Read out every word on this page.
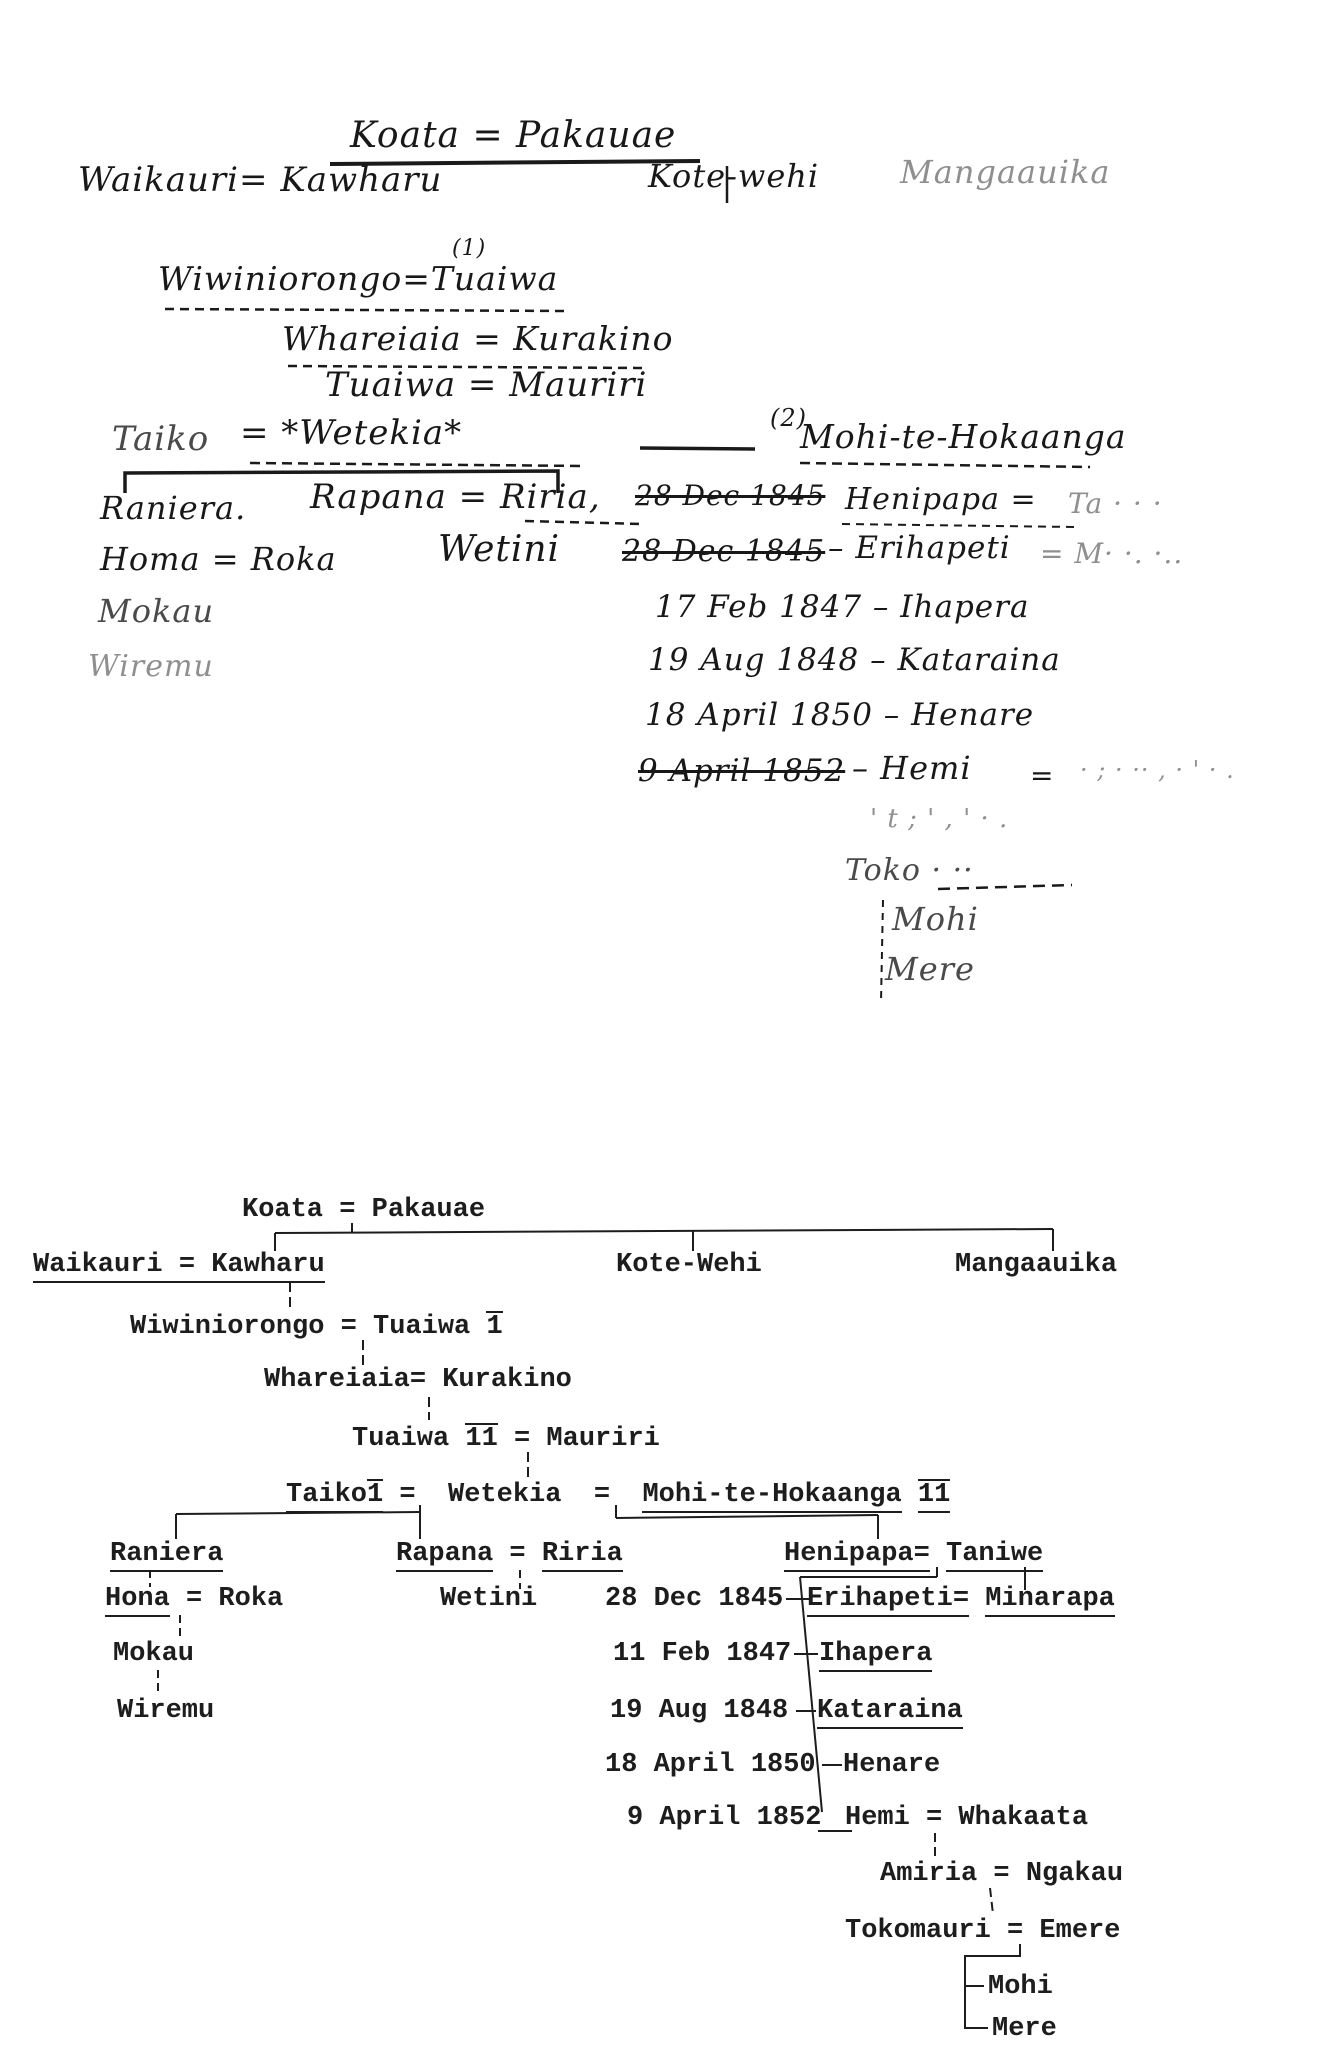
Koata = Pakauae
Waikauri= Kawharu	Kote-wehi	Mangaauika
Wiwiniorongo=Tuaiwa
(1)
Whareiaia = Kurakino
Tuaiwa = Mauriri
Taiko = *Wetekia*	(2)
Mohi-te-Hokaanga
Raniera. Rapana = Riria, 28 Dec 1845 Henipapa = Ta · · ·
Homa = Roka	Wetini 28 Dec 1845 – Erihapeti = M· ·. ·..
Mokau
Wiremu
17 Feb 1847 – Ihapera
19 Aug 1848 – Kataraina
18 April 1850 – Henare
9 April 1852 – Hemi = · ; · ·· , · ' · .
' t ; ' , ' · .
Toko · ··
Mohi
Mere
Koata = Pakauae
Waikauri = Kawharu	Kote-Wehi	Mangaauika
Wiwiniorongo = Tuaiwa 1
Whareiaia= Kurakino
Tuaiwa 11 = Mauriri
Taiko1 = Wetekia = Mohi-te-Hokaanga 11
Raniera	Rapana = Riria	Henipapa= Taniwe
Hona = Roka	Wetini	28 Dec 1845 Erihapeti= Minarapa
Mokau	11 Feb 1847 Ihapera
Wiremu	19 Aug 1848 Kataraina
18 April 1850 Henare
9 April 1852 Hemi = Whakaata
Amiria = Ngakau
Tokomauri = Emere
Mohi
Mere
